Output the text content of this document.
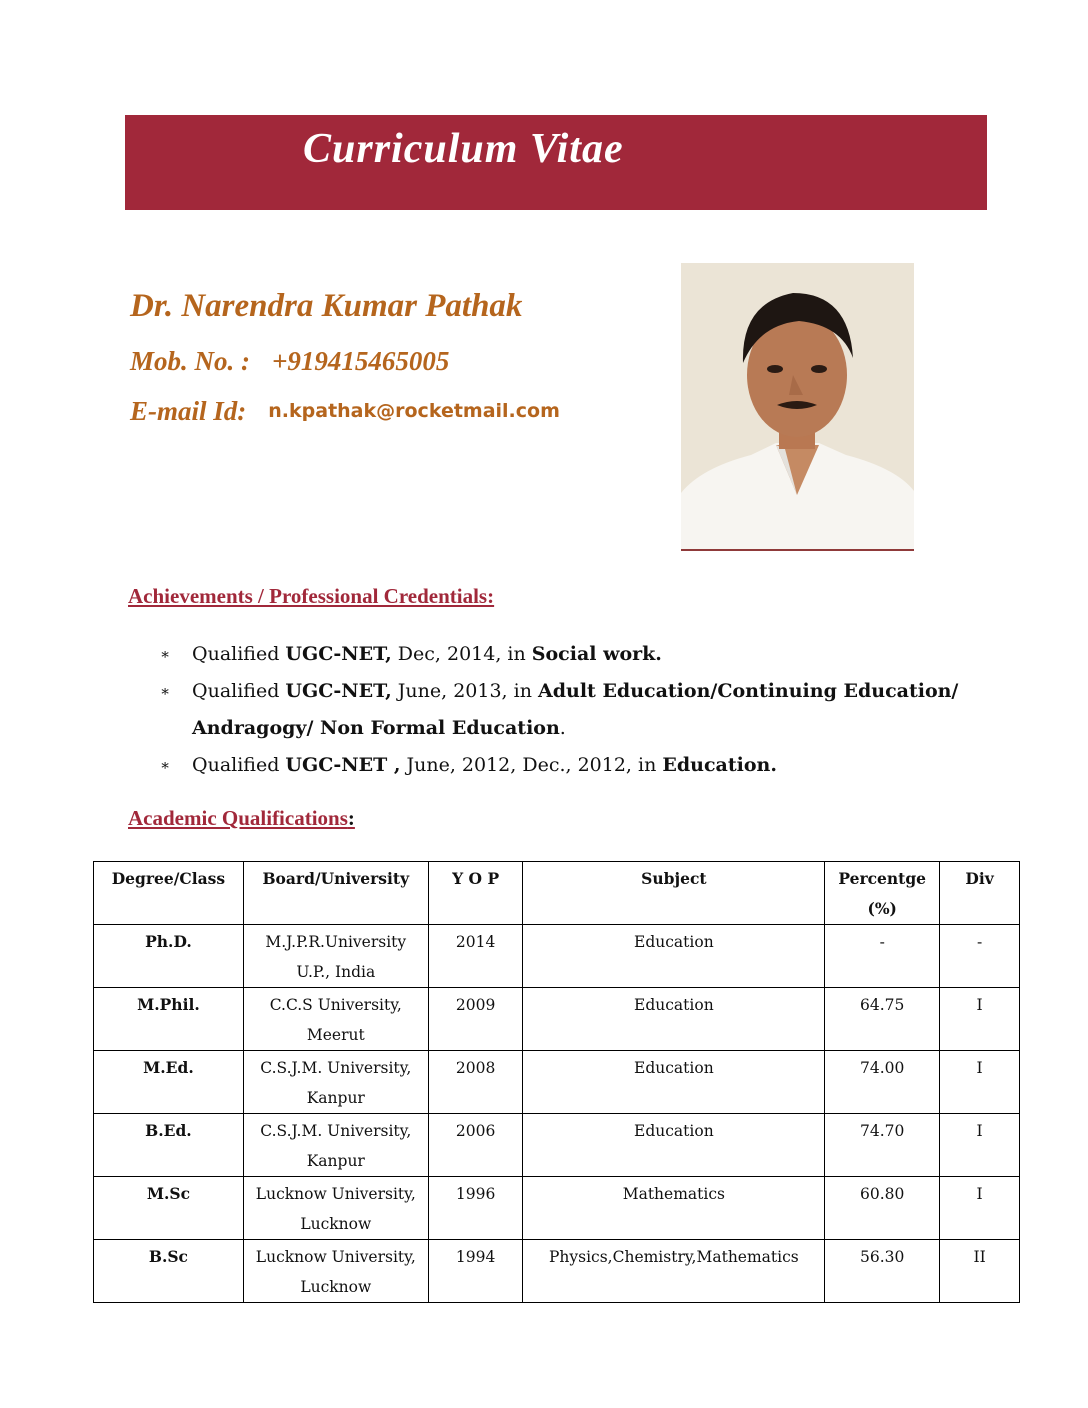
Curriculum Vitae
Dr. Narendra Kumar Pathak
Mob. No. : +919415465005
E-mail Id: n.kpathak@rocketmail.com
Achievements / Professional Credentials:
∗ Qualified UGC-NET, Dec, 2014, in Social work.
∗ Qualified UGC-NET, June, 2013, in Adult Education/Continuing Education/ Andragogy/ Non Formal Education.
∗ Qualified UGC-NET , June, 2012, Dec., 2012, in Education.
Academic Qualifications:
Degree/Class	Board/University	Y O P	Subject	Percentge (%)	Div
Ph.D.	M.J.P.R.University U.P., India	2014	Education	-	-
M.Phil.	C.C.S University, Meerut	2009	Education	64.75	I
M.Ed.	C.S.J.M. University, Kanpur	2008	Education	74.00	I
B.Ed.	C.S.J.M. University, Kanpur	2006	Education	74.70	I
M.Sc	Lucknow University, Lucknow	1996	Mathematics	60.80	I
B.Sc	Lucknow University, Lucknow	1994	Physics,Chemistry,Mathematics	56.30	II
